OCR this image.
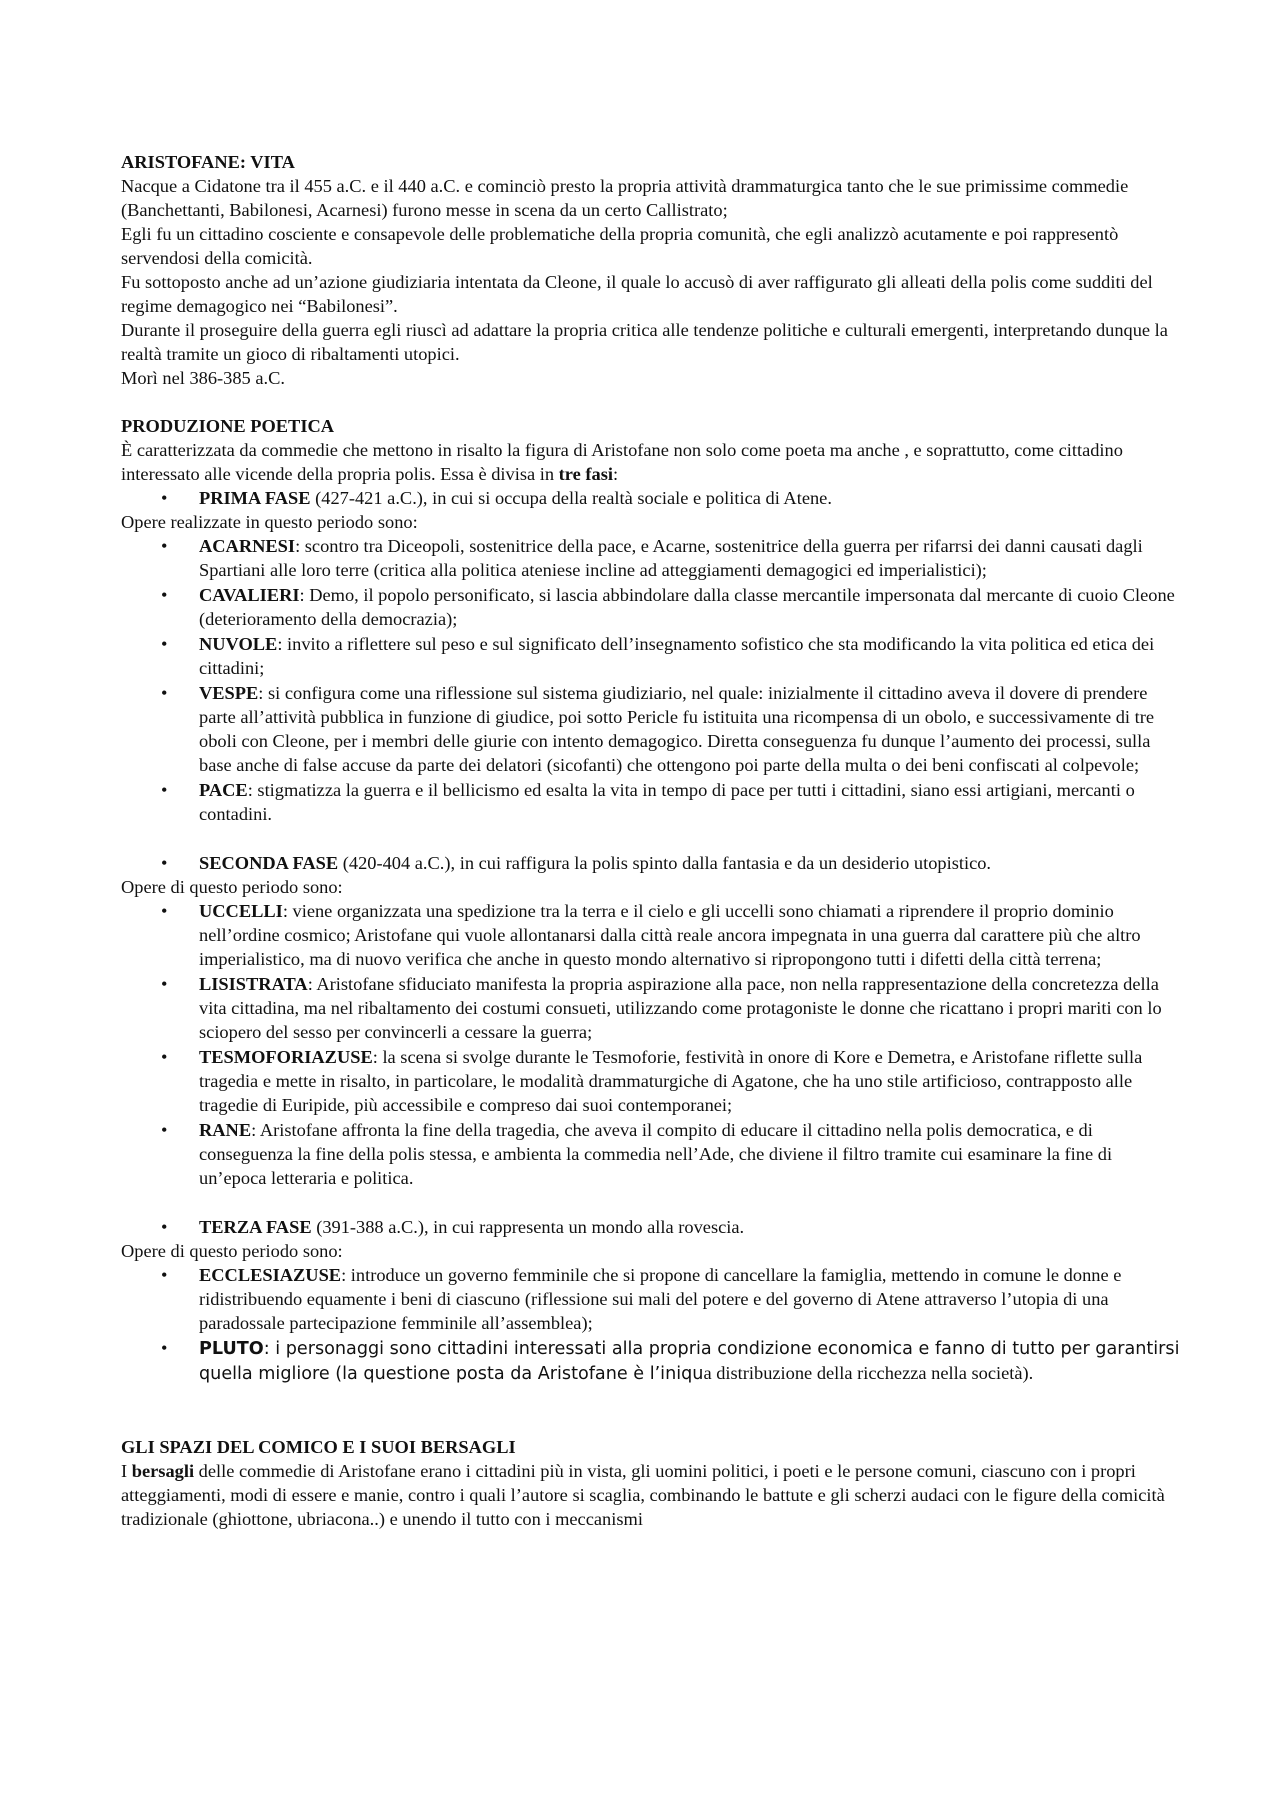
ARISTOFANE: VITA

Nacque a Cidatone tra il 455 a.C. e il 440 a.C. e cominciò presto la propria attività drammaturgica tanto che le sue primissime commedie (Banchettanti, Babilonesi, Acarnesi) furono messe in scena da un certo Callistrato;

Egli fu un cittadino cosciente e consapevole delle problematiche della propria comunità, che egli analizzò acutamente e poi rappresentò servendosi della comicità.

Fu sottoposto anche ad un’azione giudiziaria intentata da Cleone, il quale lo accusò di aver raffigurato gli alleati della polis come sudditi del regime demagogico nei “Babilonesi”.

Durante il proseguire della guerra egli riuscì ad adattare la propria critica alle tendenze politiche e culturali emergenti, interpretando dunque la realtà tramite un gioco di ribaltamenti utopici.

Morì nel 386-385 a.C.

PRODUZIONE POETICA

È caratterizzata da commedie che mettono in risalto la figura di Aristofane non solo come poeta ma anche , e soprattutto, come cittadino interessato alle vicende della propria polis. Essa è divisa in tre fasi:

• PRIMA FASE (427-421 a.C.), in cui si occupa della realtà sociale e politica di Atene.

Opere realizzate in questo periodo sono:

• ACARNESI: scontro tra Diceopoli, sostenitrice della pace, e Acarne, sostenitrice della guerra per rifarrsi dei danni causati dagli Spartiani alle loro terre (critica alla politica ateniese incline ad atteggiamenti demagogici ed imperialistici);
• CAVALIERI: Demo, il popolo personificato, si lascia abbindolare dalla classe mercantile impersonata dal mercante di cuoio Cleone (deterioramento della democrazia);
• NUVOLE: invito a riflettere sul peso e sul significato dell’insegnamento sofistico che sta modificando la vita politica ed etica dei cittadini;
• VESPE: si configura come una riflessione sul sistema giudiziario, nel quale: inizialmente il cittadino aveva il dovere di prendere parte all’attività pubblica in funzione di giudice, poi sotto Pericle fu istituita una ricompensa di un obolo, e successivamente di tre oboli con Cleone, per i membri delle giurie con intento demagogico. Diretta conseguenza fu dunque l’aumento dei processi, sulla base anche di false accuse da parte dei delatori (sicofanti) che ottengono poi parte della multa o dei beni confiscati al colpevole;
• PACE: stigmatizza la guerra e il bellicismo ed esalta la vita in tempo di pace per tutti i cittadini, siano essi artigiani, mercanti o contadini.

• SECONDA FASE (420-404 a.C.), in cui raffigura la polis spinto dalla fantasia e da un desiderio utopistico.

Opere di questo periodo sono:

• UCCELLI: viene organizzata una spedizione tra la terra e il cielo e gli uccelli sono chiamati a riprendere il proprio dominio nell’ordine cosmico; Aristofane qui vuole allontanarsi dalla città reale ancora impegnata in una guerra dal carattere più che altro imperialistico, ma di nuovo verifica che anche in questo mondo alternativo si ripropongono tutti i difetti della città terrena;
• LISISTRATA: Aristofane sfiduciato manifesta la propria aspirazione alla pace, non nella rappresentazione della concretezza della vita cittadina, ma nel ribaltamento dei costumi consueti, utilizzando come protagoniste le donne che ricattano i propri mariti con lo sciopero del sesso per convincerli a cessare la guerra;
• TESMOFORIAZUSE: la scena si svolge durante le Tesmoforie, festività in onore di Kore e Demetra, e Aristofane riflette sulla tragedia e mette in risalto, in particolare, le modalità drammaturgiche di Agatone, che ha uno stile artificioso, contrapposto alle tragedie di Euripide, più accessibile e compreso dai suoi contemporanei;
• RANE: Aristofane affronta la fine della tragedia, che aveva il compito di educare il cittadino nella polis democratica, e di conseguenza la fine della polis stessa, e ambienta la commedia nell’Ade, che diviene il filtro tramite cui esaminare la fine di un’epoca letteraria e politica.

• TERZA FASE (391-388 a.C.), in cui rappresenta un mondo alla rovescia.

Opere di questo periodo sono:

• ECCLESIAZUSE: introduce un governo femminile che si propone di cancellare la famiglia, mettendo in comune le donne e ridistribuendo equamente i beni di ciascuno (riflessione sui mali del potere e del governo di Atene attraverso l’utopia di una paradossale partecipazione femminile all’assemblea);
• PLUTO: i personaggi sono cittadini interessati alla propria condizione economica e fanno di tutto per garantirsi quella migliore (la questione posta da Aristofane è l’iniqua distribuzione della ricchezza nella società).

GLI SPAZI DEL COMICO E I SUOI BERSAGLI

I bersagli delle commedie di Aristofane erano i cittadini più in vista, gli uomini politici, i poeti e le persone comuni, ciascuno con i propri atteggiamenti, modi di essere e manie, contro i quali l’autore si scaglia, combinando le battute e gli scherzi audaci con le figure della comicità tradizionale (ghiottone, ubriacona..) e unendo il tutto con i meccanismi
